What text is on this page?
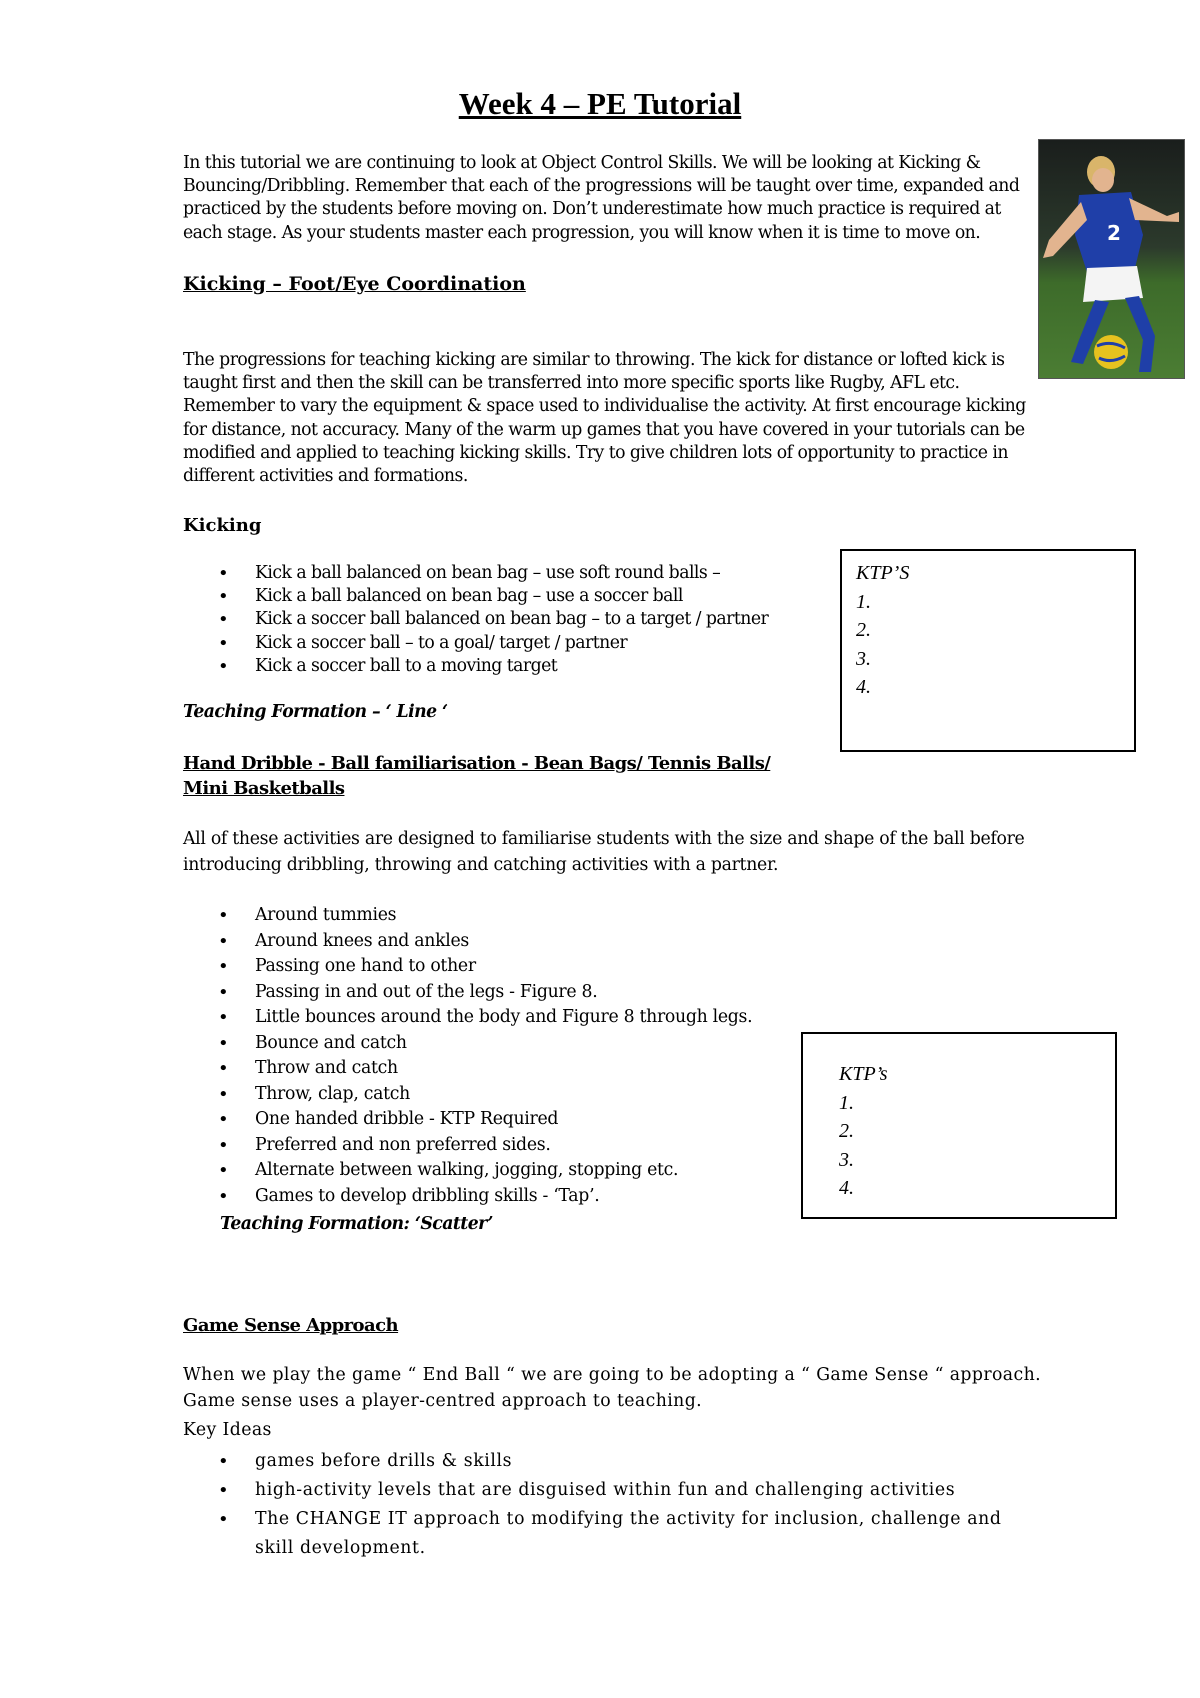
Week 4 – PE Tutorial

In this tutorial we are continuing to look at Object Control Skills. We will be looking at Kicking & Bouncing/Dribbling. Remember that each of the progressions will be taught over time, expanded and practiced by the students before moving on. Don’t underestimate how much practice is required at each stage. As your students master each progression, you will know when it is time to move on.	2
Kicking – Foot/Eye Coordination

The progressions for teaching kicking are similar to throwing. The kick for distance or lofted kick is taught first and then the skill can be transferred into more specific sports like Rugby, AFL etc. Remember to vary the equipment & space used to individualise the activity. At first encourage kicking for distance, not accuracy. Many of the warm up games that you have covered in your tutorials can be modified and applied to teaching kicking skills. Try to give children lots of opportunity to practice in different activities and formations.

Kicking
• Kick a ball balanced on bean bag – use soft round balls –
• Kick a ball balanced on bean bag – use a soccer ball
• Kick a soccer ball balanced on bean bag – to a target / partner
• Kick a soccer ball – to a goal/ target / partner
• Kick a soccer ball to a moving target
Teaching Formation – ‘ Line ‘
KTP’S
1.
2.
3.
4.
Hand Dribble - Ball familiarisation - Bean Bags/ Tennis Balls/
Mini Basketballs

All of these activities are designed to familiarise students with the size and shape of the ball before introducing dribbling, throwing and catching activities with a partner.

• Around tummies
• Around knees and ankles
• Passing one hand to other
• Passing in and out of the legs - Figure 8.
• Little bounces around the body and Figure 8 through legs.
• Bounce and catch
• Throw and catch
• Throw, clap, catch
• One handed dribble - KTP Required
• Preferred and non preferred sides.
• Alternate between walking, jogging, stopping etc.
• Games to develop dribbling skills - ‘Tap’.
Teaching Formation: ‘Scatter’
KTP’s
1.
2.
3.
4.
Game Sense Approach

When we play the game “ End Ball “ we are going to be adopting a “ Game Sense “ approach. Game sense uses a player-centred approach to teaching.

Key Ideas
• games before drills & skills
• high-activity levels that are disguised within fun and challenging activities
• The CHANGE IT approach to modifying the activity for inclusion, challenge and skill development.
